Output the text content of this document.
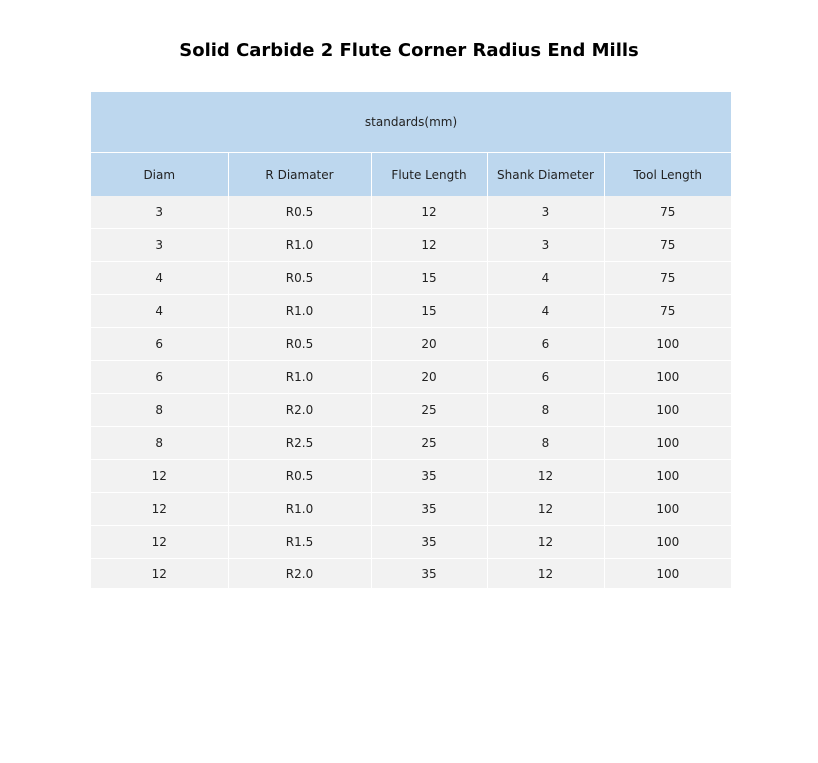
Solid Carbide 2 Flute Corner Radius End Mills
standards(mm)				
Diam	R Diamater	Flute Length	Shank Diameter	Tool Length
3	R0.5	12	3	75
3	R1.0	12	3	75
4	R0.5	15	4	75
4	R1.0	15	4	75
6	R0.5	20	6	100
6	R1.0	20	6	100
8	R2.0	25	8	100
8	R2.5	25	8	100
12	R0.5	35	12	100
12	R1.0	35	12	100
12	R1.5	35	12	100
12	R2.0	35	12	100
